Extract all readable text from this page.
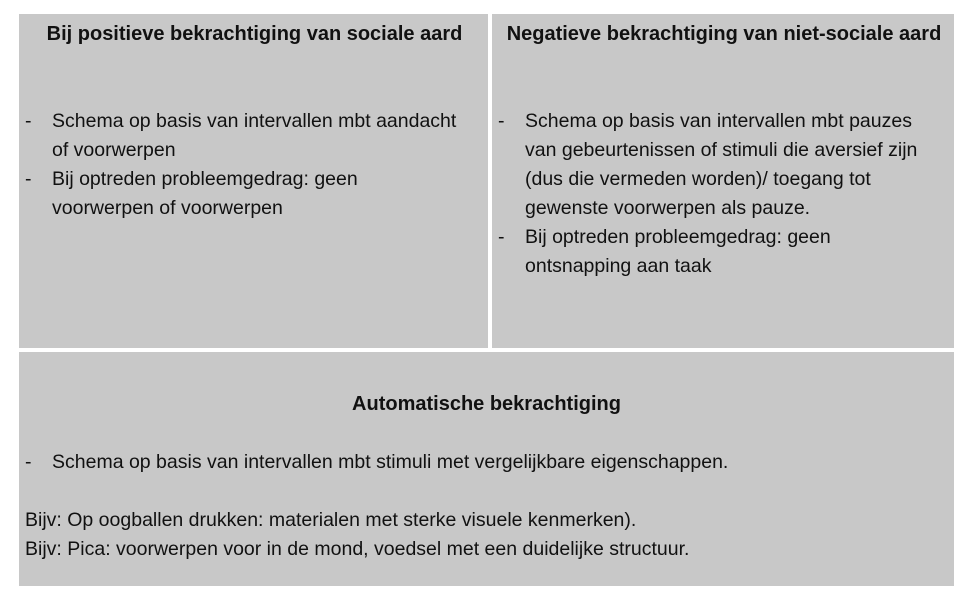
Bij positieve bekrachtiging van sociale aard

- Schema op basis van intervallen mbt aandacht of voorwerpen
- Bij optreden probleemgedrag: geen voorwerpen of voorwerpen

Negatieve bekrachtiging van niet-sociale aard

- Schema op basis van intervallen mbt pauzes van gebeurtenissen of stimuli die aversief zijn (dus die vermeden worden)/ toegang tot gewenste voorwerpen als pauze.
- Bij optreden probleemgedrag: geen ontsnapping aan taak

Automatische bekrachtiging

- Schema op basis van intervallen mbt stimuli met vergelijkbare eigenschappen.
Bijv: Op oogballen drukken: materialen met sterke visuele kenmerken).
Bijv: Pica: voorwerpen voor in de mond, voedsel met een duidelijke structuur.
